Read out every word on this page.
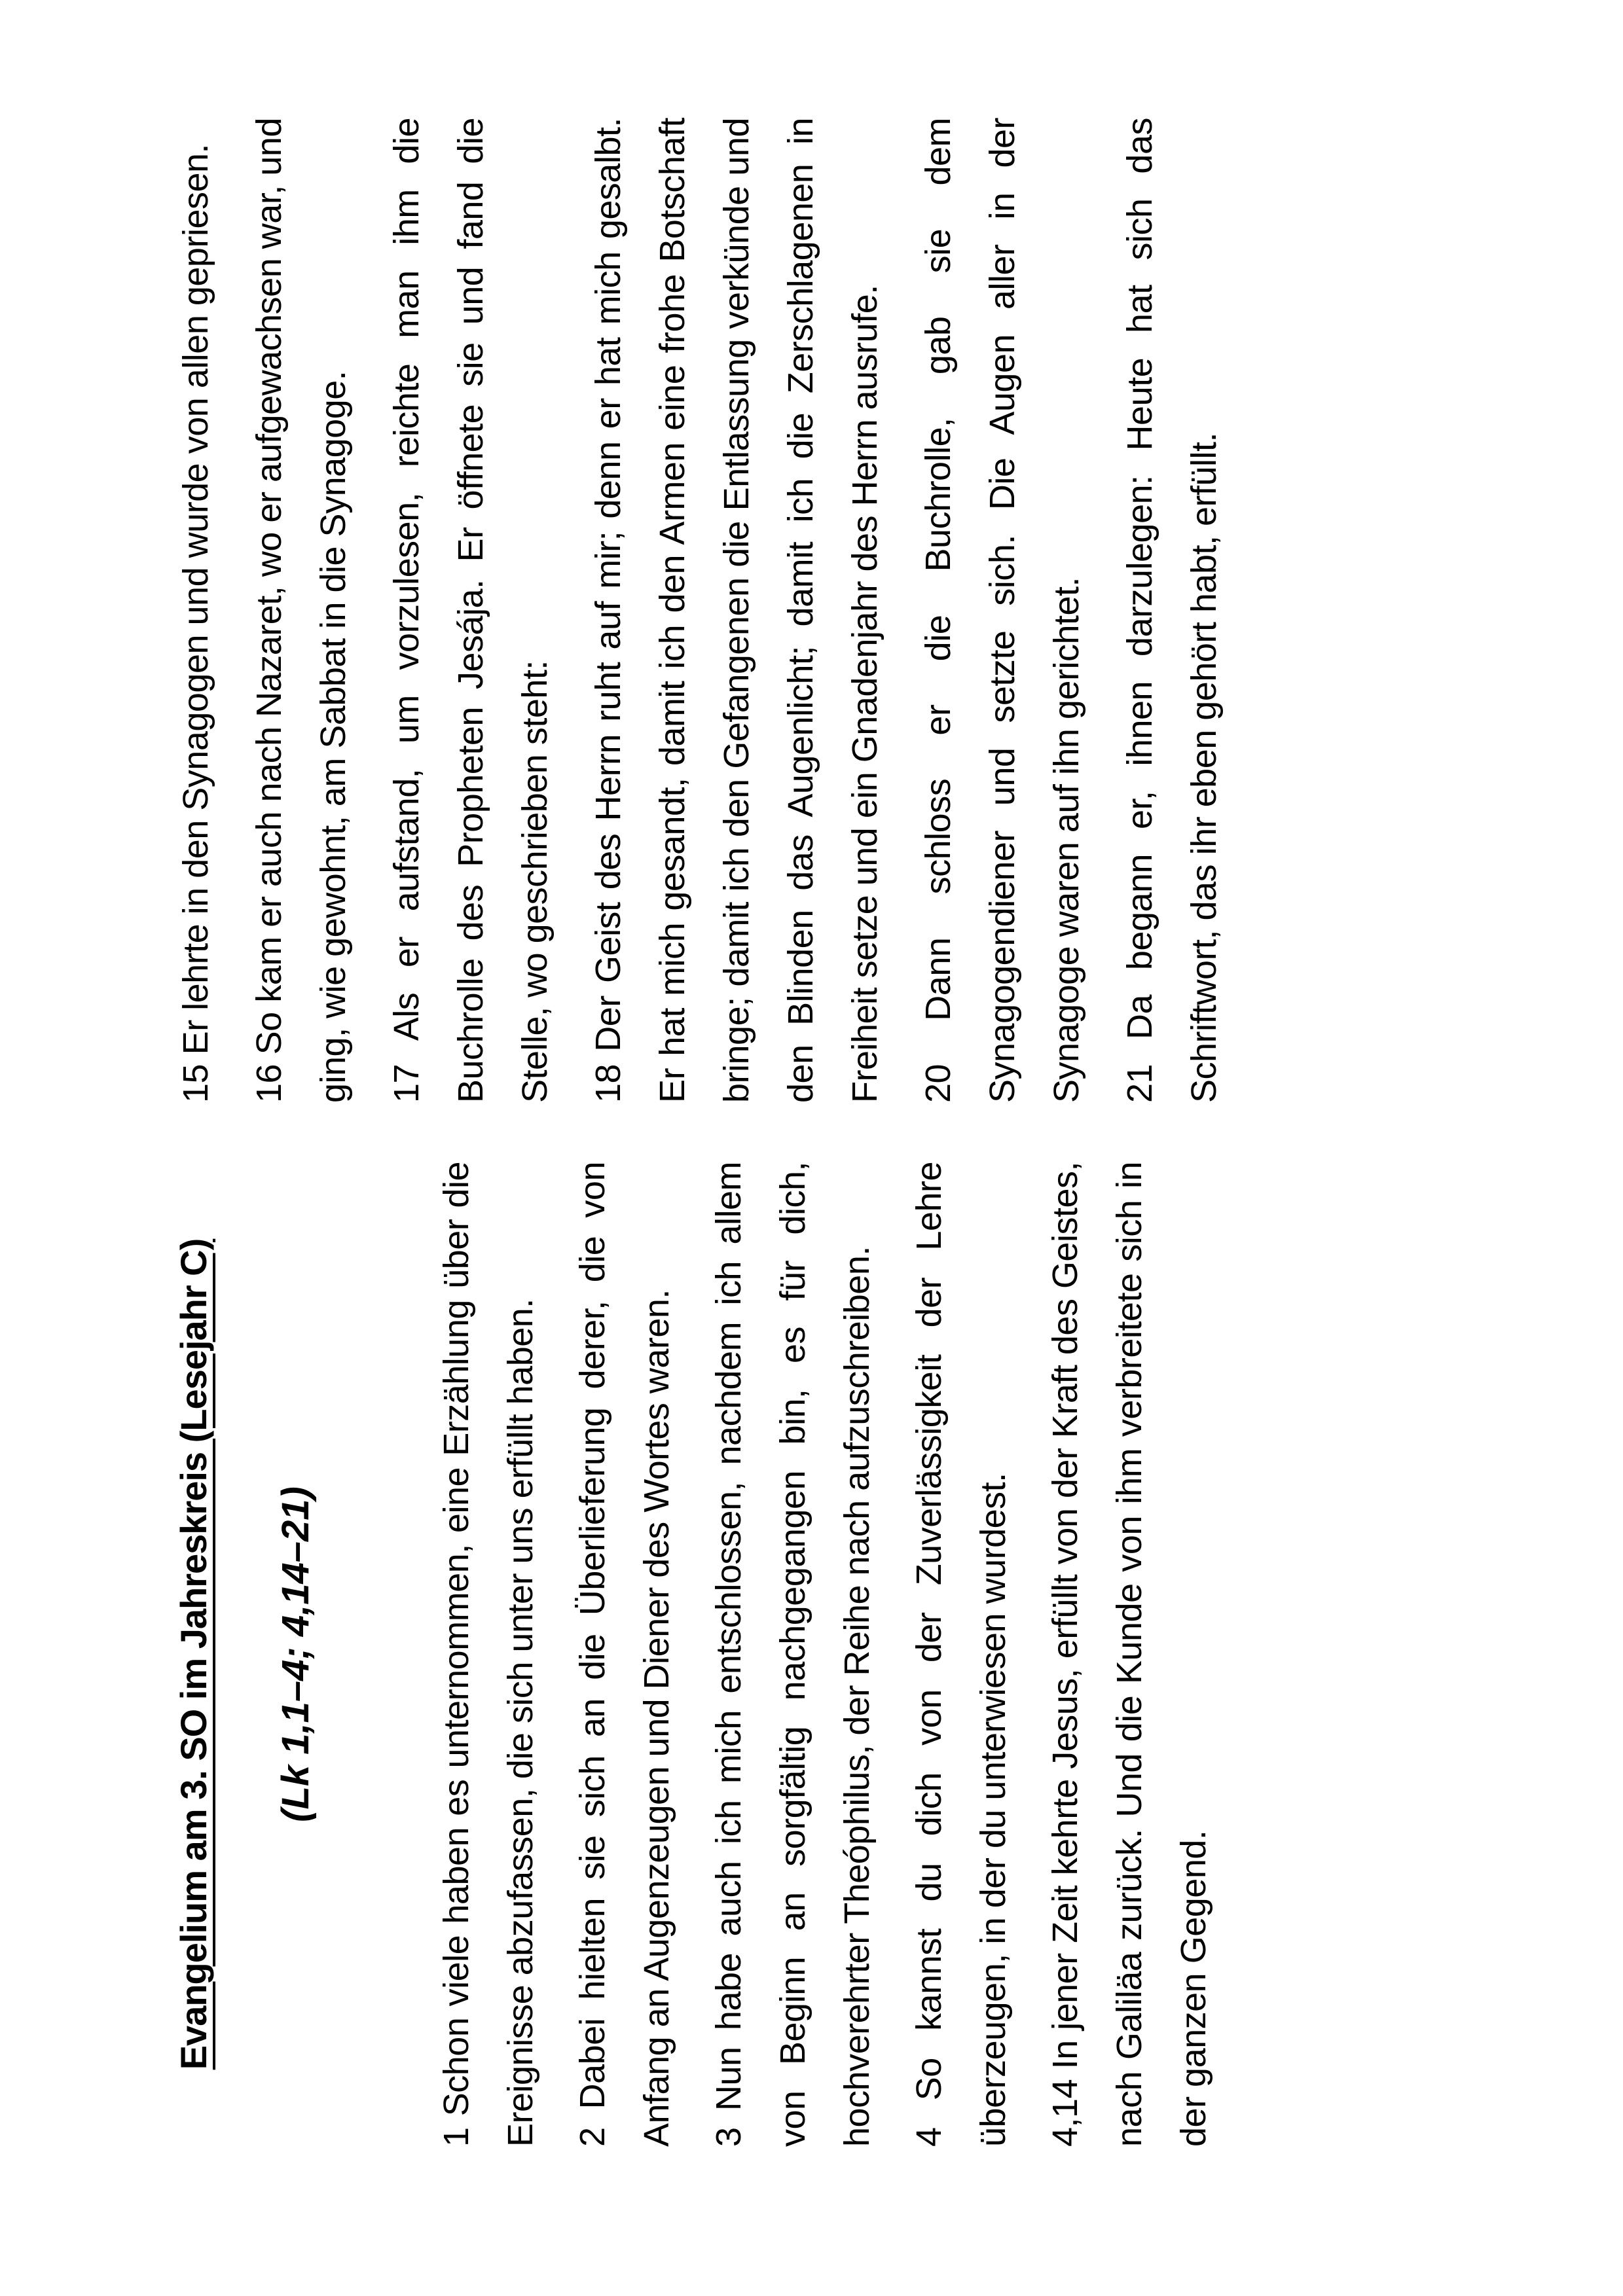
Evangelium am 3. SO im Jahreskreis (Lesejahr C) (Lk 1,1–4; 4,14–21)	1 Schon viele haben es unternommen, eine Erzählung über die Ereignisse abzufassen, die sich unter uns erfüllt haben. 2 Dabei hielten sie sich an die Überlieferung derer, die von Anfang an Augenzeugen und Diener des Wortes waren. 3 Nun habe auch ich mich entschlossen, nachdem ich allem von Beginn an sorgfältig nachgegangen bin, es für dich, hochverehrter Theóphilus, der Reihe nach aufzuschreiben. 4 So kannst du dich von der Zuverlässigkeit der Lehre überzeugen, in der du unterwiesen wurdest. 4,14 In jener Zeit kehrte Jesus, erfüllt von der Kraft des Geistes, nach Galiläa zurück. Und die Kunde von ihm verbreitete sich in der ganzen Gegend.

15 Er lehrte in den Synagogen und wurde von allen gepriesen. 16 So kam er auch nach Nazaret, wo er aufgewachsen war, und ging, wie gewohnt, am Sabbat in die Synagoge. 17 Als er aufstand, um vorzulesen, reichte man ihm die Buchrolle des Propheten Jesája. Er öffnete sie und fand die Stelle, wo geschrieben steht: 18 Der Geist des Herrn ruht auf mir; denn er hat mich gesalbt. Er hat mich gesandt, damit ich den Armen eine frohe Botschaft bringe; damit ich den Gefangenen die Entlassung verkünde und den Blinden das Augenlicht; damit ich die Zerschlagenen in Freiheit setze und ein Gnadenjahr des Herrn ausrufe. 20 Dann schloss er die Buchrolle, gab sie dem Synagogendiener und setzte sich. Die Augen aller in der Synagoge waren auf ihn gerichtet. 21 Da begann er, ihnen darzulegen: Heute hat sich das Schriftwort, das ihr eben gehört habt, erfüllt.
